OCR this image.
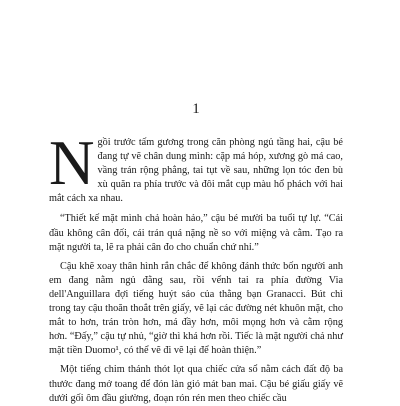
1

Ngồi trước tấm gương trong căn phòng ngủ tầng hai, cậu bé đang tự vẽ chân dung mình: cặp má hóp, xương gò má cao, vầng trán rộng phẳng, tai tụt về sau, những lọn tóc đen bù xù quăn ra phía trước và đôi mắt cụp màu hổ phách với hai mắt cách xa nhau.

“Thiết kế mặt mình chả hoàn hảo,” cậu bé mười ba tuổi tự lự. “Cái đầu không cân đối, cái trán quá nặng nề so với miệng và cằm. Tạo ra mặt người ta, lẽ ra phải cân đo cho chuẩn chứ nhỉ.”

Cậu khẽ xoay thân hình rắn chắc để không đánh thức bốn người anh em đang nằm ngủ đằng sau, rồi vểnh tai ra phía đường Via dell'Anguillara đợi tiếng huýt sáo của thằng bạn Granacci. Bút chì trong tay cậu thoăn thoắt trên giấy, vẽ lại các đường nét khuôn mặt, cho mắt to hơn, trán tròn hơn, má đầy hơn, môi mọng hơn và cằm rộng hơn. “Đấy,” cậu tự nhủ, “giờ thì khá hơn rồi. Tiếc là mặt người chả như mặt tiền Duomo¹, có thể vẽ đi vẽ lại để hoàn thiện.”

Một tiếng chim thánh thót lọt qua chiếc cửa sổ nằm cách đất độ ba thước đang mở toang để đón làn gió mát ban mai. Cậu bé giấu giấy vẽ dưới gối ôm đầu giường, đoạn rón rén men theo chiếc cầu
